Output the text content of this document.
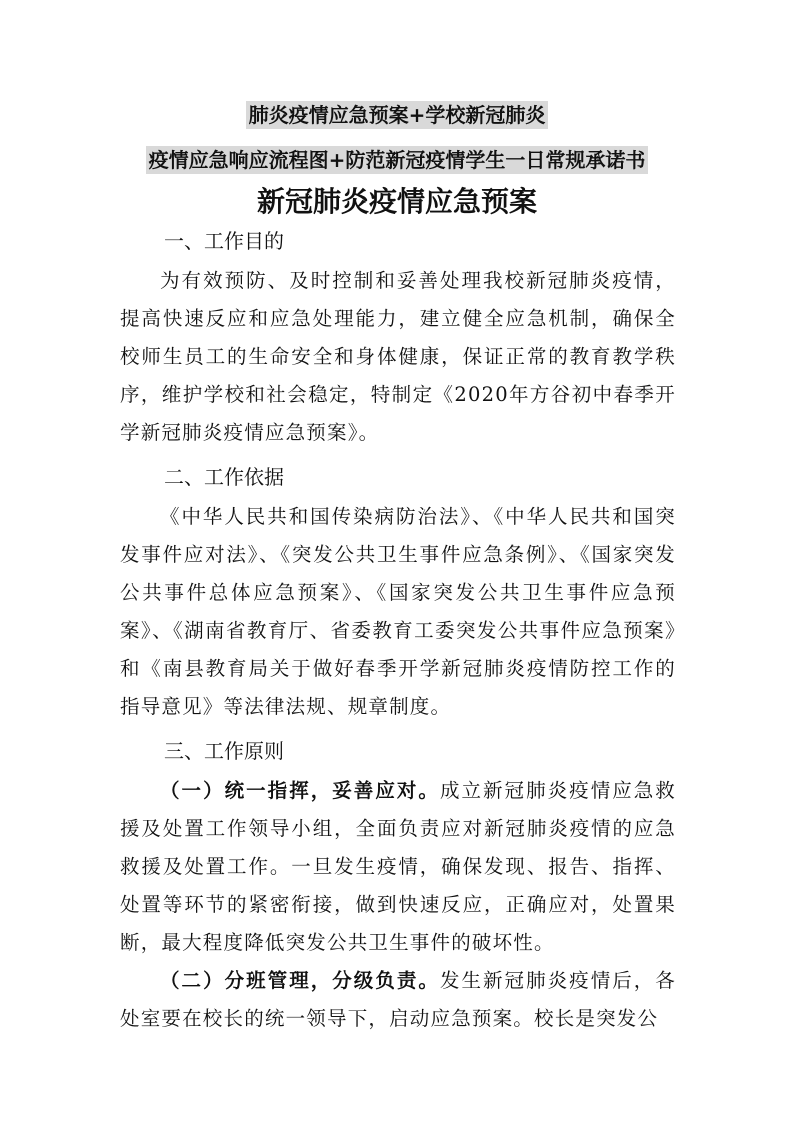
肺炎疫情应急预案+学校新冠肺炎
疫情应急响应流程图+防范新冠疫情学生一日常规承诺书
新冠肺炎疫情应急预案

一、工作目的

为有效预防、及时控制和妥善处理我校新冠肺炎疫情，提高快速反应和应急处理能力，建立健全应急机制，确保全校师生员工的生命安全和身体健康，保证正常的教育教学秩序，维护学校和社会稳定，特制定《2020年方谷初中春季开学新冠肺炎疫情应急预案》。

二、工作依据

《中华人民共和国传染病防治法》、《中华人民共和国突发事件应对法》、《突发公共卫生事件应急条例》、《国家突发公共事件总体应急预案》、《国家突发公共卫生事件应急预案》、《湖南省教育厅、省委教育工委突发公共事件应急预案》和《南县教育局关于做好春季开学新冠肺炎疫情防控工作的指导意见》等法律法规、规章制度。

三、工作原则

（一）统一指挥，妥善应对。成立新冠肺炎疫情应急救援及处置工作领导小组，全面负责应对新冠肺炎疫情的应急救援及处置工作。一旦发生疫情，确保发现、报告、指挥、处置等环节的紧密衔接，做到快速反应，正确应对，处置果断，最大程度降低突发公共卫生事件的破坏性。

（二）分班管理，分级负责。发生新冠肺炎疫情后，各处室要在校长的统一领导下，启动应急预案。校长是突发公
